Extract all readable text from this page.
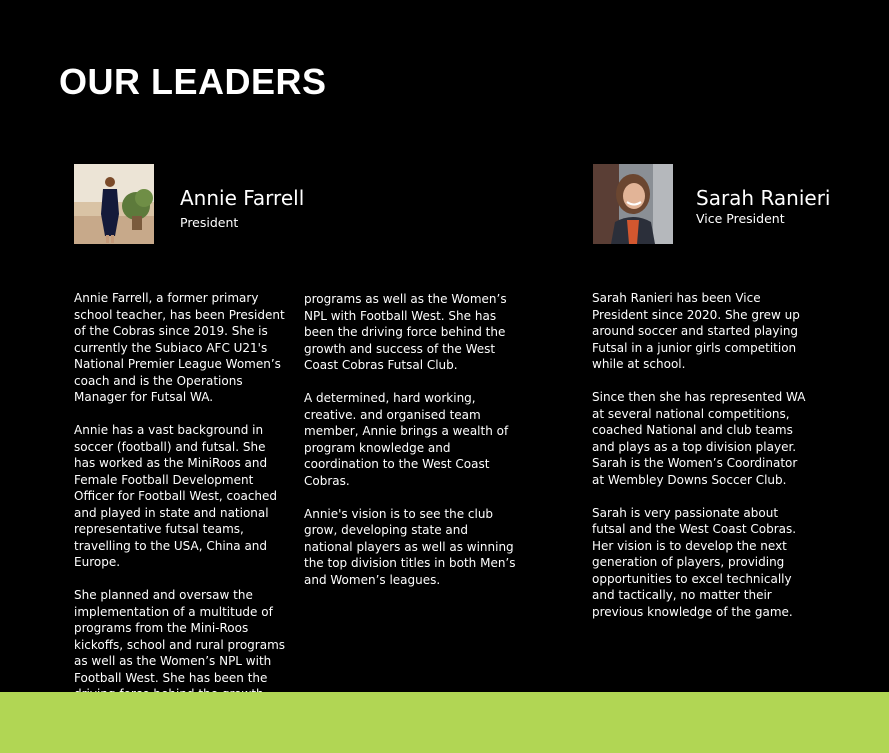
OUR LEADERS
Annie Farrell
President

Annie Farrell, a former primary school teacher, has been President of the Cobras since 2019. She is currently the Subiaco AFC U21's National Premier League Women’s coach and is the Operations Manager for Futsal WA.

Annie has a vast background in soccer (football) and futsal. She has worked as the MiniRoos and Female Football Development Officer for Football West, coached and played in state and national representative futsal teams, travelling to the USA, China and Europe.

She planned and oversaw the implementation of a multitude of programs from the Mini-Roos kickoffs, school and rural programs as well as the Women’s NPL with Football West. She has been the

programs as well as the Women’s NPL with Football West. She has been the driving force behind the growth and success of the West Coast Cobras Futsal Club.

A determined, hard working, creative. and organised team member, Annie brings a wealth of program knowledge and coordination to the West Coast Cobras.

Annie's vision is to see the club grow, developing state and national players as well as winning the top division titles in both Men’s and Women’s leagues.

Sarah Ranieri
Vice President

Sarah Ranieri has been Vice President since 2020. She grew up around soccer and started playing Futsal in a junior girls competition while at school.

Since then she has represented WA at several national competitions, coached National and club teams and plays as a top division player. Sarah is the Women’s Coordinator at Wembley Downs Soccer Club.

Sarah is very passionate about futsal and the West Coast Cobras. Her vision is to develop the next generation of players, providing opportunities to excel technically and tactically, no matter their previous knowledge of the game.
